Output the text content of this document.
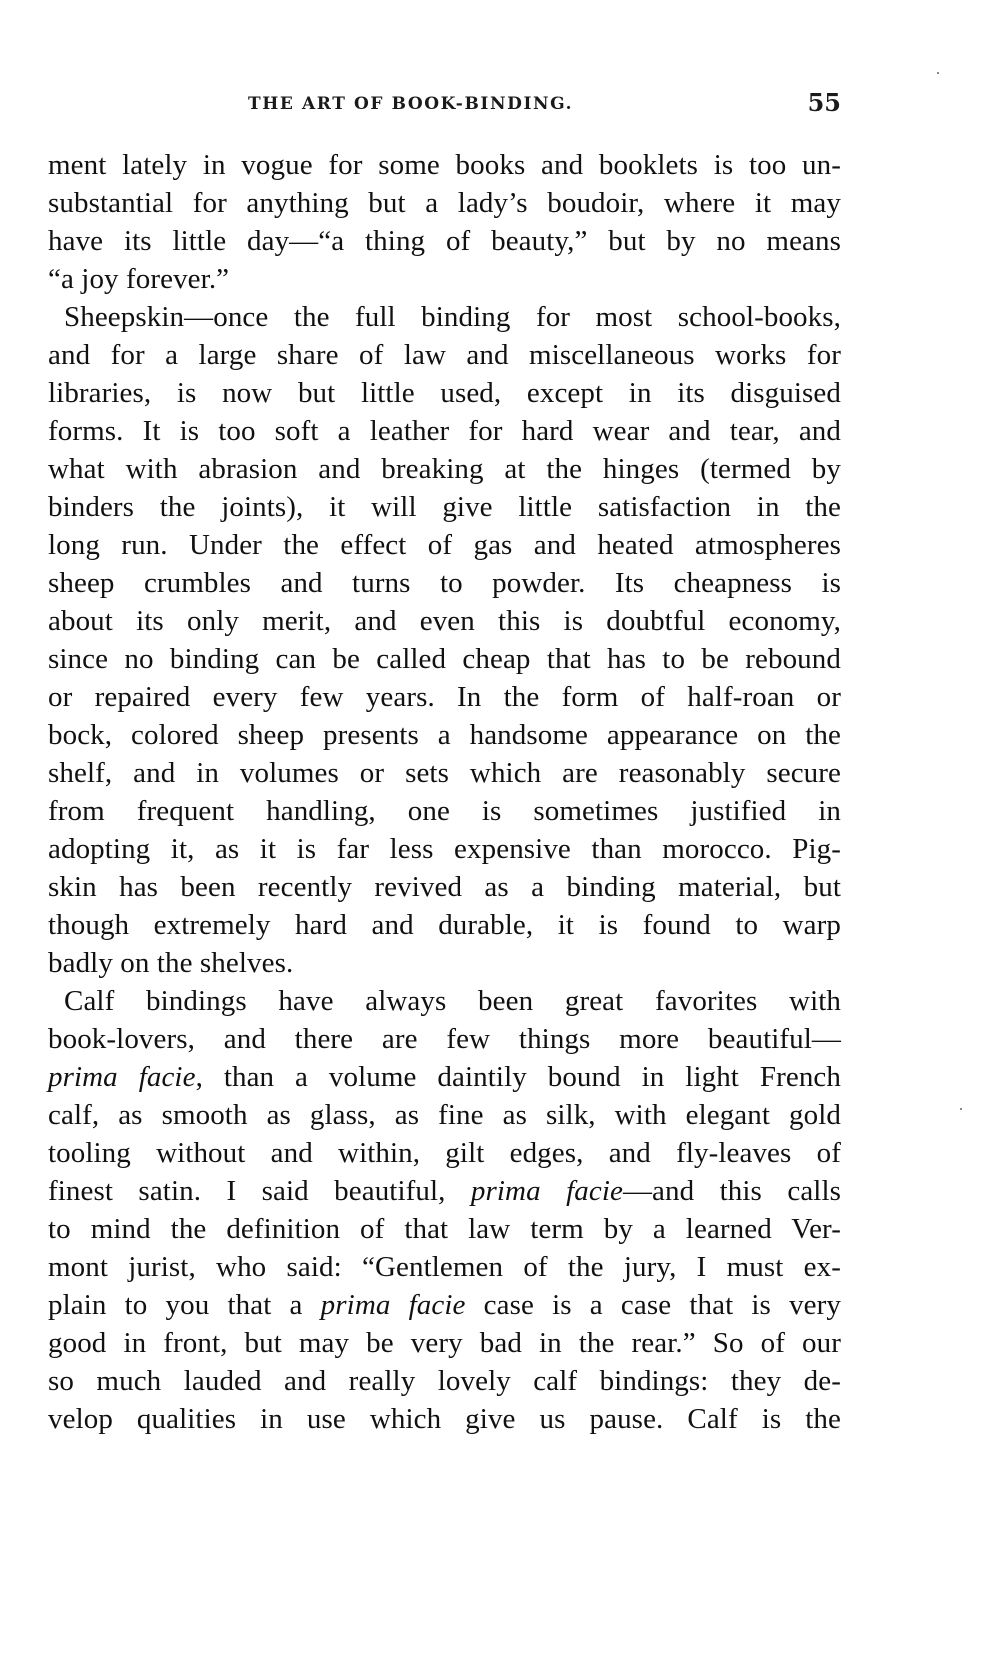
THE ART OF BOOK-BINDING.	55
ment lately in vogue for some books and booklets is too un-
substantial for anything but a lady’s boudoir, where it may
have its little day—“a thing of beauty,” but by no means
“a joy forever.”
Sheepskin—once the full binding for most school-books,
and for a large share of law and miscellaneous works for
libraries, is now but little used, except in its disguised
forms. It is too soft a leather for hard wear and tear, and
what with abrasion and breaking at the hinges (termed by
binders the joints), it will give little satisfaction in the
long run. Under the effect of gas and heated atmospheres
sheep crumbles and turns to powder. Its cheapness is
about its only merit, and even this is doubtful economy,
since no binding can be called cheap that has to be rebound
or repaired every few years. In the form of half-roan or
bock, colored sheep presents a handsome appearance on the
shelf, and in volumes or sets which are reasonably secure
from frequent handling, one is sometimes justified in
adopting it, as it is far less expensive than morocco. Pig-
skin has been recently revived as a binding material, but
though extremely hard and durable, it is found to warp
badly on the shelves.
Calf bindings have always been great favorites with
book-lovers, and there are few things more beautiful—
prima facie, than a volume daintily bound in light French
calf, as smooth as glass, as fine as silk, with elegant gold
tooling without and within, gilt edges, and fly-leaves of
finest satin. I said beautiful, prima facie—and this calls
to mind the definition of that law term by a learned Ver-
mont jurist, who said: “Gentlemen of the jury, I must ex-
plain to you that a prima facie case is a case that is very
good in front, but may be very bad in the rear.” So of our
so much lauded and really lovely calf bindings: they de-
velop qualities in use which give us pause. Calf is the
